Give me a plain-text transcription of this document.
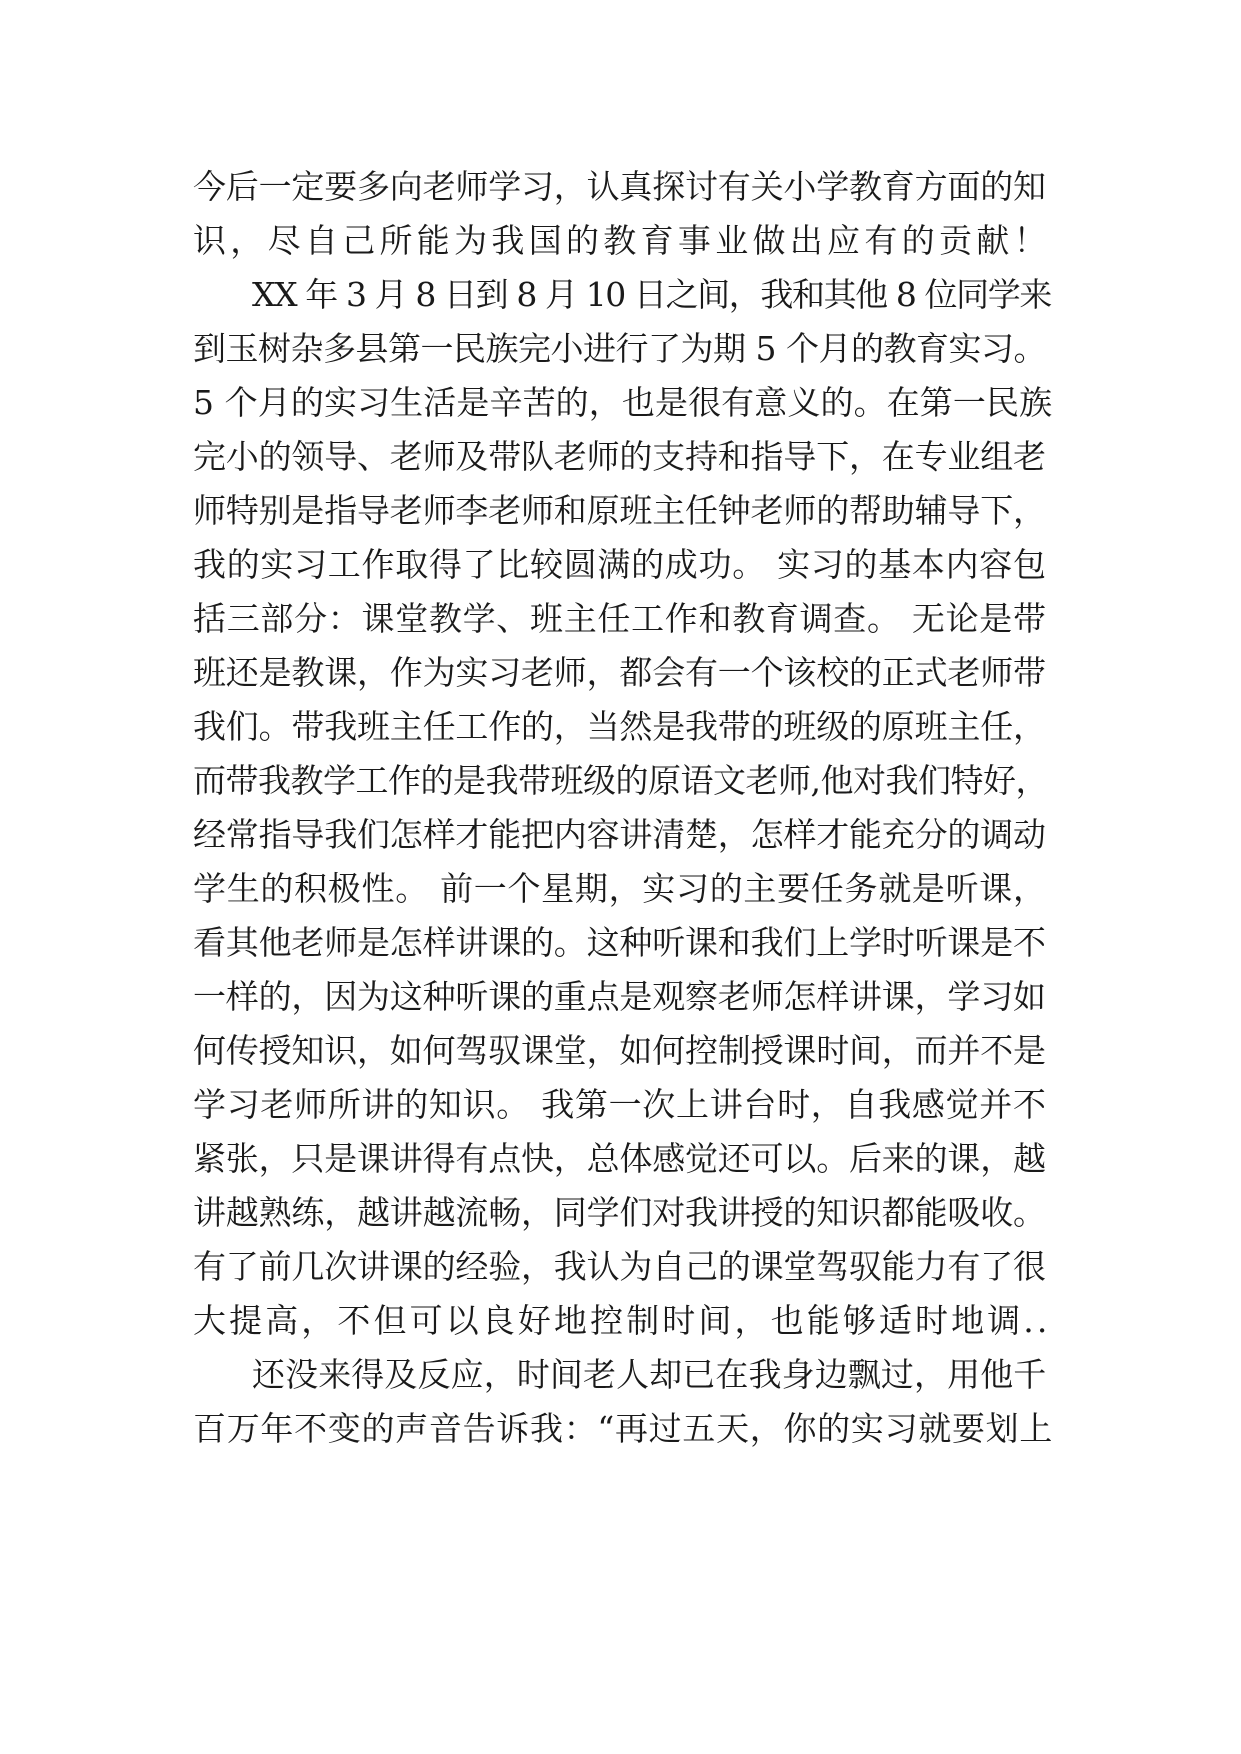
今后一定要多向老师学习，认真探讨有关小学教育方面的知
识，尽自己所能为我国的教育事业做出应有的贡献！
XX 年 3 月 8 日到 8 月 10 日之间，我和其他 8 位同学来
到玉树杂多县第一民族完小进行了为期 5 个月的教育实习。
5 个月的实习生活是辛苦的，也是很有意义的。在第一民族
完小的领导、老师及带队老师的支持和指导下，在专业组老
师特别是指导老师李老师和原班主任钟老师的帮助辅导下，
我的实习工作取得了比较圆满的成功。 实习的基本内容包
括三部分：课堂教学、班主任工作和教育调查。 无论是带
班还是教课，作为实习老师，都会有一个该校的正式老师带
我们。带我班主任工作的，当然是我带的班级的原班主任，
而带我教学工作的是我带班级的原语文老师,他对我们特好，
经常指导我们怎样才能把内容讲清楚，怎样才能充分的调动
学生的积极性。 前一个星期，实习的主要任务就是听课，
看其他老师是怎样讲课的。这种听课和我们上学时听课是不
一样的，因为这种听课的重点是观察老师怎样讲课，学习如
何传授知识，如何驾驭课堂，如何控制授课时间，而并不是
学习老师所讲的知识。 我第一次上讲台时，自我感觉并不
紧张，只是课讲得有点快，总体感觉还可以。后来的课，越
讲越熟练，越讲越流畅，同学们对我讲授的知识都能吸收。
有了前几次讲课的经验，我认为自己的课堂驾驭能力有了很
大提高，不但可以良好地控制时间，也能够适时地调..
还没来得及反应，时间老人却已在我身边飘过，用他千
百万年不变的声音告诉我：“再过五天，你的实习就要划上
